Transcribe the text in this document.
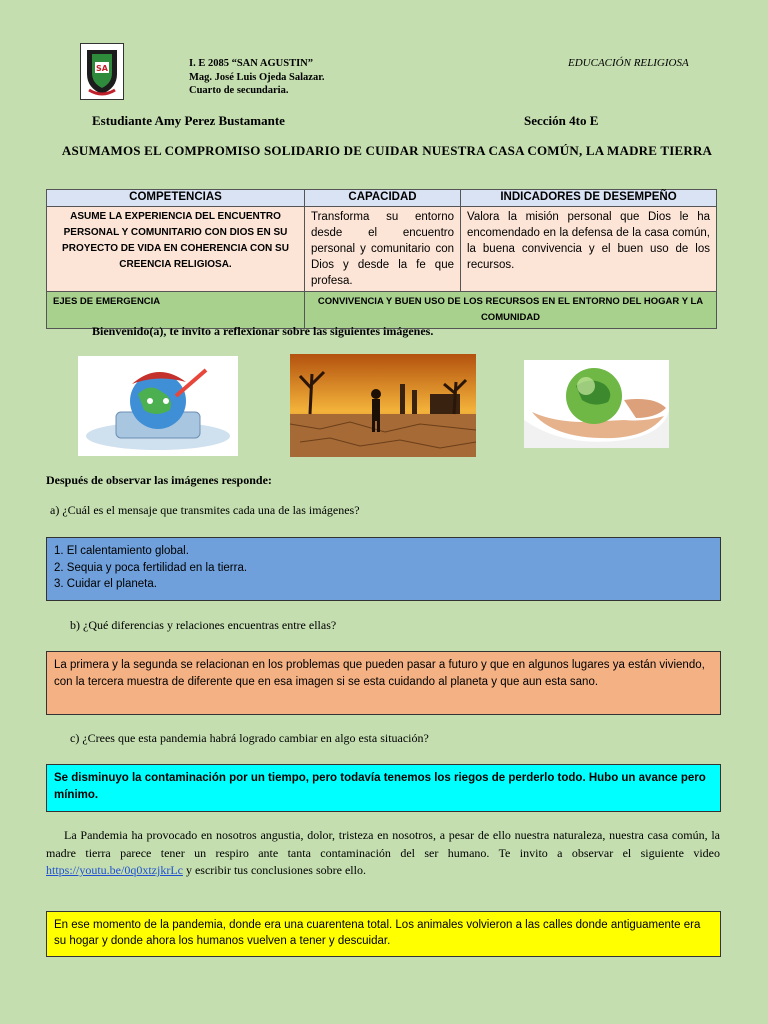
SA	I. E 2085 “SAN AGUSTIN”
Mag. José Luis Ojeda Salazar.
Cuarto de secundaria.
EDUCACIÓN RELIGIOSA
Estudiante Amy Perez Bustamante	Sección 4to E
ASUMAMOS EL COMPROMISO SOLIDARIO DE CUIDAR NUESTRA CASA COMÚN, LA MADRE TIERRA
COMPETENCIAS	CAPACIDAD	INDICADORES DE DESEMPEÑO
ASUME LA EXPERIENCIA DEL ENCUENTRO PERSONAL Y COMUNITARIO CON DIOS EN SU PROYECTO DE VIDA EN COHERENCIA CON SU CREENCIA RELIGIOSA.	Transforma su entorno desde el encuentro personal y comunitario con Dios y desde la fe que profesa.	Valora la misión personal que Dios le ha encomendado en la defensa de la casa común, la buena convivencia y el buen uso de los recursos.
EJES DE EMERGENCIA	CONVIVENCIA Y BUEN USO DE LOS RECURSOS EN EL ENTORNO DEL HOGAR Y LA COMUNIDAD	
Bienvenido(a), te invito a reflexionar sobre las siguientes imágenes.
Después de observar las imágenes responde:
a) ¿Cuál es el mensaje que transmites cada una de las imágenes?
1. El calentamiento global.
2. Sequia y poca fertilidad en la tierra.
3. Cuidar el planeta.
b) ¿Qué diferencias y relaciones encuentras entre ellas?
La primera y la segunda se relacionan en los problemas que pueden pasar a futuro y que en algunos lugares ya están viviendo, con la tercera muestra de diferente que en esa imagen si se esta cuidando al planeta y que aun esta sano.
c) ¿Crees que esta pandemia habrá logrado cambiar en algo esta situación?
Se disminuyo la contaminación por un tiempo, pero todavía tenemos los riegos de perderlo todo. Hubo un avance pero mínimo.
La Pandemia ha provocado en nosotros angustia, dolor, tristeza en nosotros, a pesar de ello nuestra naturaleza, nuestra casa común, la madre tierra parece tener un respiro ante tanta contaminación del ser humano. Te invito a observar el siguiente video https://youtu.be/0q0xtzjkrLc y escribir tus conclusiones sobre ello.
En ese momento de la pandemia, donde era una cuarentena total. Los animales volvieron a las calles donde antiguamente era su hogar y donde ahora los humanos vuelven a tener y descuidar.
